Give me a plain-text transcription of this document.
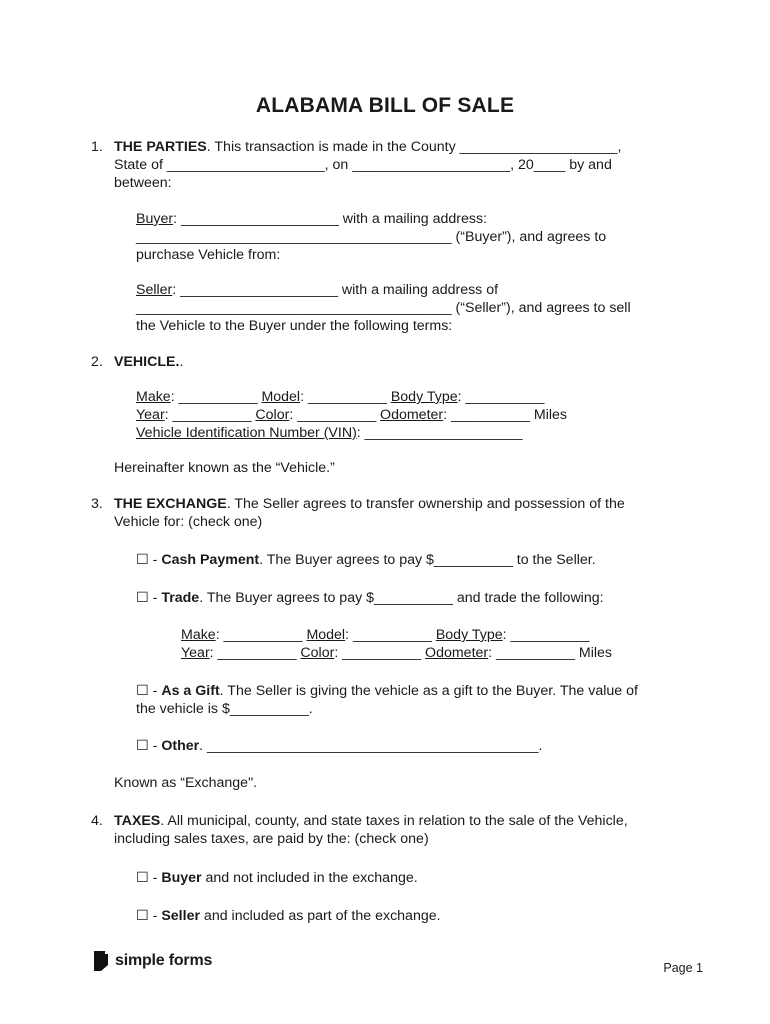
ALABAMA BILL OF SALE
1. THE PARTIES. This transaction is made in the County ____________________,
State of ____________________, on ____________________, 20____ by and
between:
Buyer: ____________________ with a mailing address:
________________________________________ (“Buyer”), and agrees to
purchase Vehicle from:
Seller: ____________________ with a mailing address of
________________________________________ (“Seller”), and agrees to sell
the Vehicle to the Buyer under the following terms:
2. VEHICLE..
Make: __________ Model: __________ Body Type: __________
Year: __________ Color: __________ Odometer: __________ Miles
Vehicle Identification Number (VIN): ____________________
Hereinafter known as the “Vehicle.”
3. THE EXCHANGE. The Seller agrees to transfer ownership and possession of the
Vehicle for: (check one)
☐ - Cash Payment. The Buyer agrees to pay $__________ to the Seller.
☐ - Trade. The Buyer agrees to pay $__________ and trade the following:
Make: __________ Model: __________ Body Type: __________
Year: __________ Color: __________ Odometer: __________ Miles
☐ - As a Gift. The Seller is giving the vehicle as a gift to the Buyer. The value of
the vehicle is $__________.
☐ - Other. __________________________________________.
Known as “Exchange".
4. TAXES. All municipal, county, and state taxes in relation to the sale of the Vehicle,
including sales taxes, are paid by the: (check one)
☐ - Buyer and not included in the exchange.
☐ - Seller and included as part of the exchange.
simple forms	Page 1
